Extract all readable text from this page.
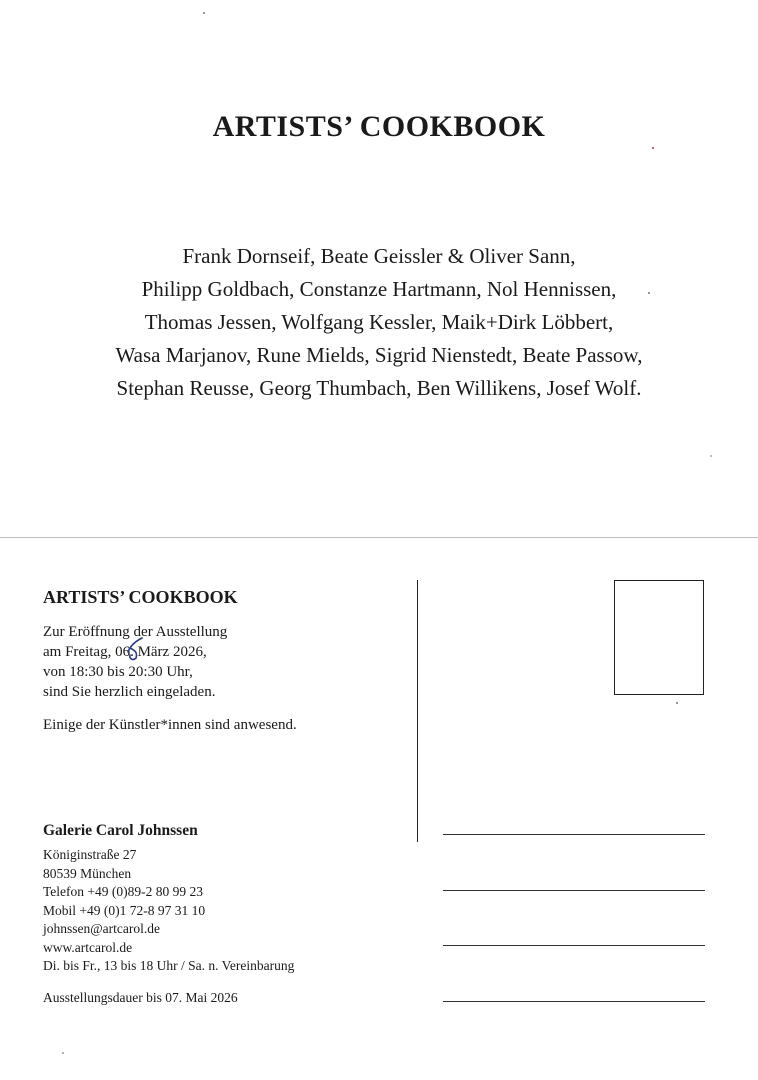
ARTISTS’ COOKBOOK
Frank Dornseif, Beate Geissler & Oliver Sann,
Philipp Goldbach, Constanze Hartmann, Nol Hennissen,
Thomas Jessen, Wolfgang Kessler, Maik+Dirk Löbbert,
Wasa Marjanov, Rune Mields, Sigrid Nienstedt, Beate Passow,
Stephan Reusse, Georg Thumbach, Ben Willikens, Josef Wolf.
ARTISTS’ COOKBOOK
Zur Eröffnung der Ausstellung
am Freitag, 06. März 2026,
von 18:30 bis 20:30 Uhr,
sind Sie herzlich eingeladen.
Einige der Künstler*innen sind anwesend.
Galerie Carol Johnssen
Königinstraße 27
80539 München
Telefon +49 (0)89-2 80 99 23
Mobil +49 (0)1 72-8 97 31 10
johnssen@artcarol.de
www.artcarol.de
Di. bis Fr., 13 bis 18 Uhr / Sa. n. Vereinbarung
Ausstellungsdauer bis 07. Mai 2026
